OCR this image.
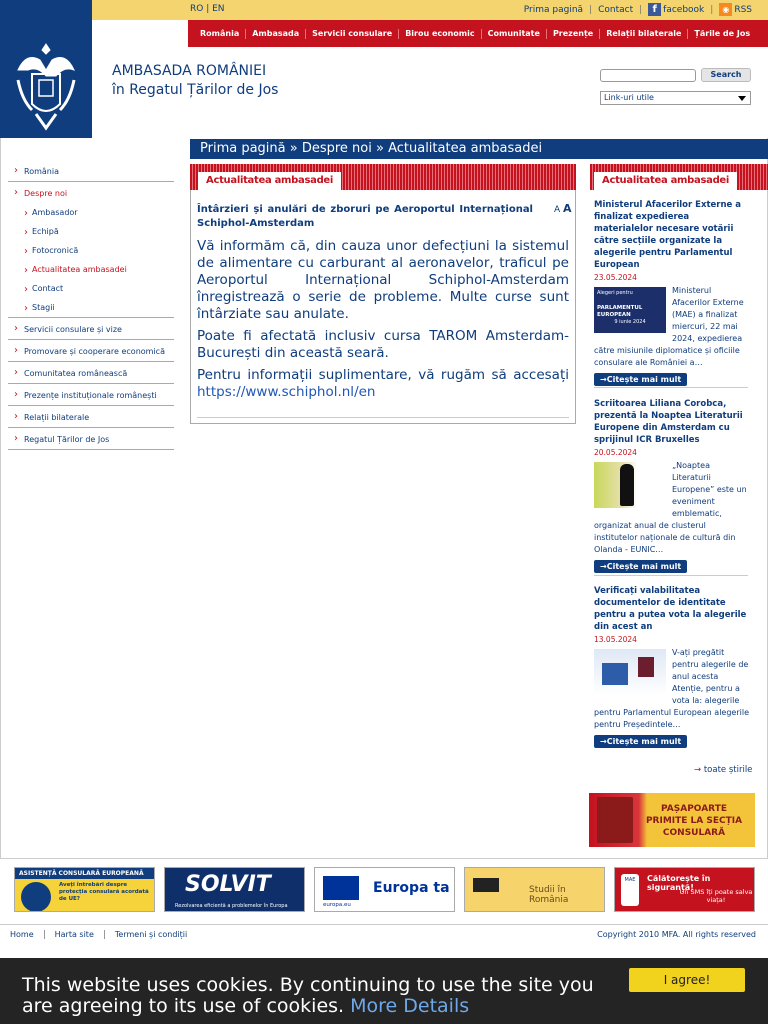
RO | EN	Prima pagină | Contact |	f facebook |	◉ RSS
România	Ambasada	Servicii consulare	Birou economic	Comunitate	Prezențe	Relații bilaterale	Țările de Jos
AMBASADA ROMÂNIEI
în Regatul Țărilor de Jos
Search
Link-uri utile
Prima pagină » Despre noi » Actualitatea ambasadei
› România
› Despre noi
› Ambasador
› Echipă
› Fotocronică
› Actualitatea ambasadei
› Contact
› Stagii
› Servicii consulare și vize
› Promovare și cooperare economică
› Comunitatea românească
› Prezențe instituționale românești
› Relații bilaterale
› Regatul Țărilor de Jos
Actualitatea ambasadei
Întârzieri și anulări de zboruri pe Aeroportul Internațional Schiphol-Amsterdam
A A

Vă informăm că, din cauza unor defecțiuni la sistemul de alimentare cu carburant al aeronavelor, traficul pe Aeroportul Internațional Schiphol-Amsterdam înregistrează o serie de probleme. Multe curse sunt întârziate sau anulate.

Poate fi afectată inclusiv cursa TAROM Amsterdam-București din această seară.

Pentru informații suplimentare, vă rugăm să accesați https://www.schiphol.nl/en

Actualitatea ambasadei
Ministerul Afacerilor Externe a finalizat expedierea materialelor necesare votării către secțiile organizate la alegerile pentru Parlamentul European
23.05.2024
Alegeri pentru
PARLAMENTUL EUROPEAN
9 iunie 2024
Ministerul Afacerilor Externe (MAE) a finalizat miercuri, 22 mai 2024, expedierea către misiunile diplomatice și oficiile consulare ale României a…
→Citește mai mult
Scriitoarea Liliana Corobca, prezentă la Noaptea Literaturii Europene din Amsterdam cu sprijinul ICR Bruxelles
20.05.2024
„Noaptea Literaturii Europene” este un eveniment emblematic, organizat anual de clusterul institutelor naționale de cultură din Olanda - EUNIC…
→Citește mai mult
Verificați valabilitatea documentelor de identitate pentru a putea vota la alegerile din acest an
13.05.2024
V-ați pregătit pentru alegerile de anul acesta Atenție, pentru a vota la: alegerile pentru Parlamentul European alegerile pentru Președintele…
→Citește mai mult
→ toate știrile
PAȘAPOARTE PRIMITE LA SECȚIA CONSULARĂ
ASISTENȚĂ CONSULARĂ EUROPEANĂ
Aveți întrebări despre protecția consulară acordată de UE?
SOLVIT
Rezolvarea eficientă a problemelor în Europa
Europa ta
europa.eu
Studii în România
MAE	Călătorește în siguranță!
Un SMS îți poate salva viața!
Home	Harta site	Termeni și condiții	Copyright 2010 MFA. All rights reserved
This website uses cookies. By continuing to use the site you are agreeing to its use of cookies. More Details
I agree!
